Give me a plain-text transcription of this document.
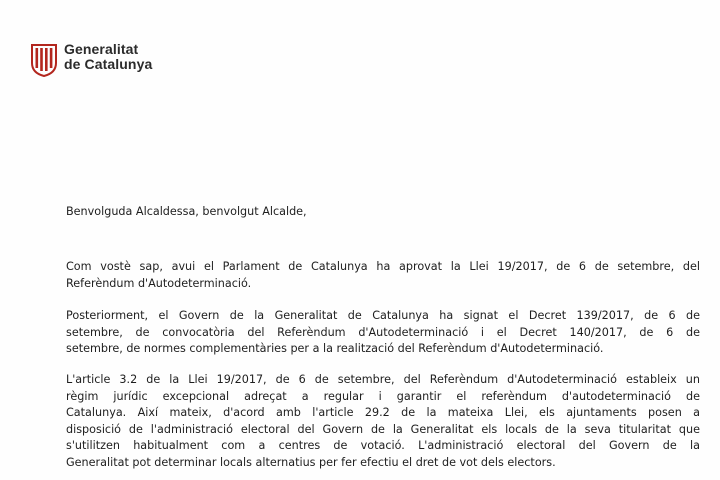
Generalitat
de Catalunya
Benvolguda Alcaldessa, benvolgut Alcalde,
Com vostè sap, avui el Parlament de Catalunya ha aprovat la Llei 19/2017, de 6 de setembre, del
Referèndum d'Autodeterminació.
Posteriorment, el Govern de la Generalitat de Catalunya ha signat el Decret 139/2017, de 6 de
setembre, de convocatòria del Referèndum d'Autodeterminació i el Decret 140/2017, de 6 de
setembre, de normes complementàries per a la realització del Referèndum d'Autodeterminació.
L'article 3.2 de la Llei 19/2017, de 6 de setembre, del Referèndum d'Autodeterminació estableix un
règim jurídic excepcional adreçat a regular i garantir el referèndum d'autodeterminació de
Catalunya. Així mateix, d'acord amb l'article 29.2 de la mateixa Llei, els ajuntaments posen a
disposició de l'administració electoral del Govern de la Generalitat els locals de la seva titularitat que
s'utilitzen habitualment com a centres de votació. L'administració electoral del Govern de la
Generalitat pot determinar locals alternatius per fer efectiu el dret de vot dels electors.
